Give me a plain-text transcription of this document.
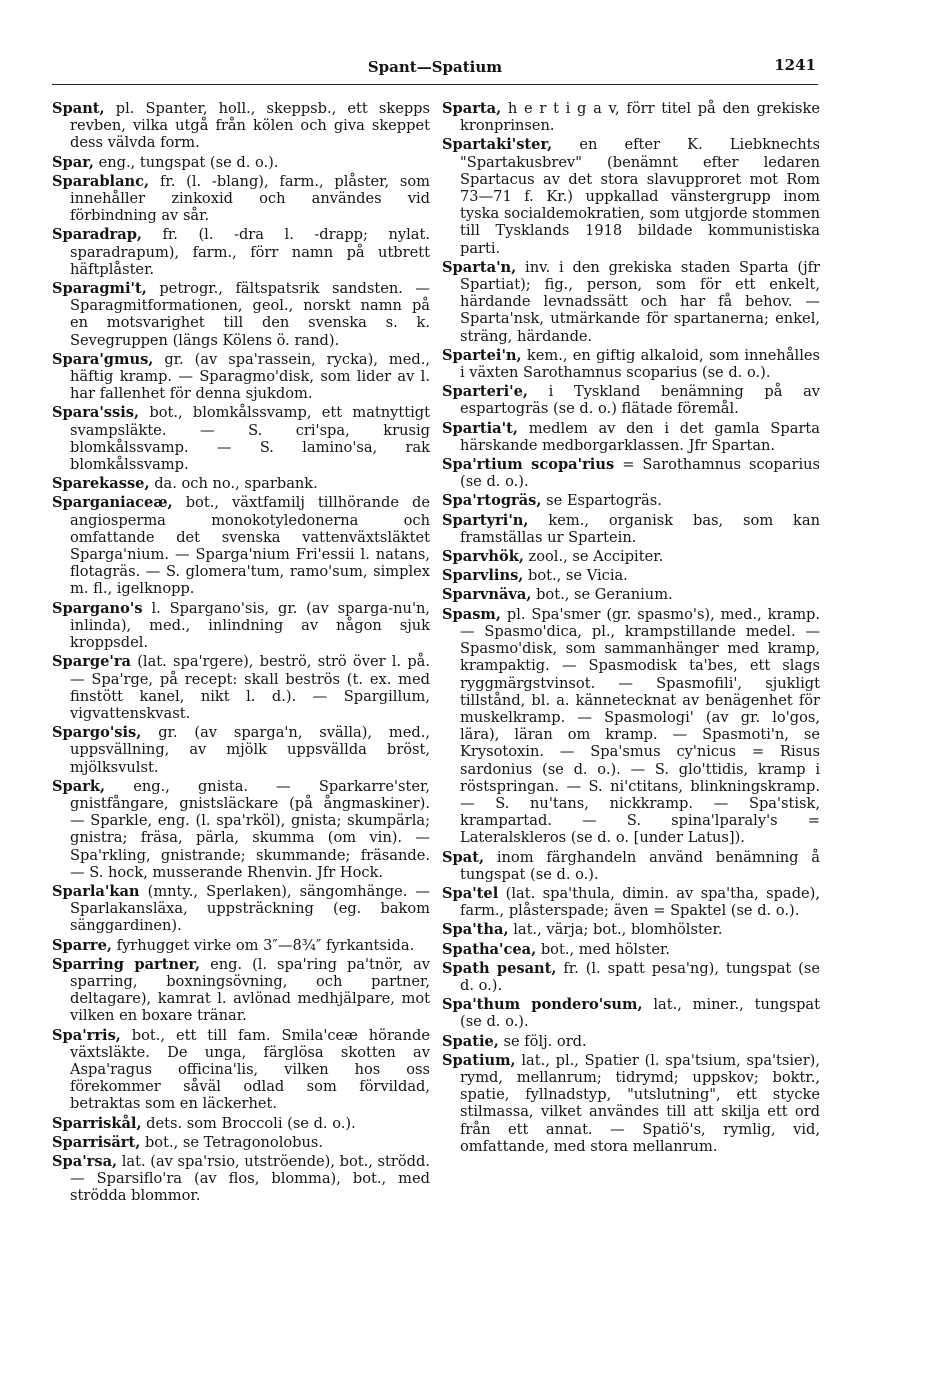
Spant—Spatium	1241

Spant, pl. Spanter, holl., skeppsb., ett skepps revben, vilka utgå från kölen och giva skeppet dess välvda form.

Spar, eng., tungspat (se d. o.).

Sparablanc, fr. (l. -blang), farm., plåster, som innehåller zinkoxid och användes vid förbindning av sår.

Sparadrap, fr. (l. -dra l. -drapp; nylat. sparadrapum), farm., förr namn på utbrett häftplåster.

Sparagmi't, petrogr., fältspatsrik sandsten. — Sparagmitformationen, geol., norskt namn på en motsvarighet till den svenska s. k. Sevegruppen (längs Kölens ö. rand).

Spara'gmus, gr. (av spa'rassein, rycka), med., häftig kramp. — Sparagmo'disk, som lider av l. har fallenhet för denna sjukdom.

Spara'ssis, bot., blomkålssvamp, ett matnyttigt svampsläkte. — S. cri'spa, krusig blomkålssvamp. — S. lamino'sa, rak blomkålssvamp.

Sparekasse, da. och no., sparbank.

Sparganiaceæ, bot., växtfamilj tillhörande de angiosperma monokotyledonerna och omfattande det svenska vattenväxtsläktet Sparga'nium. — Sparga'nium Fri'essii l. natans, flotagräs. — S. glomera'tum, ramo'sum, simplex m. fl., igelknopp.

Spargano's l. Spargano'sis, gr. (av sparga-nu'n, inlinda), med., inlindning av någon sjuk kroppsdel.

Sparge'ra (lat. spa'rgere), beströ, strö över l. på. — Spa'rge, på recept: skall beströs (t. ex. med finstött kanel, nikt l. d.). — Spargillum, vigvattenskvast.

Spargo'sis, gr. (av sparga'n, svälla), med., uppsvällning, av mjölk uppsvällda bröst, mjölksvulst.

Spark, eng., gnista. — Sparkarre'ster, gnistfångare, gnistsläckare (på ångmaskiner). — Sparkle, eng. (l. spa'rköl), gnista; skumpärla; gnistra; fräsa, pärla, skumma (om vin). — Spa'rkling, gnistrande; skummande; fräsande. — S. hock, musserande Rhenvin. Jfr Hock.

Sparla'kan (mnty., Sperlaken), sängomhänge. — Sparlakansläxa, uppsträckning (eg. bakom sänggardinen).

Sparre, fyrhugget virke om 3″—8¾″ fyrkantsida.

Sparring partner, eng. (l. spa'ring pa'tnör, av sparring, boxningsövning, och partner, deltagare), kamrat l. avlönad medhjälpare, mot vilken en boxare tränar.

Spa'rris, bot., ett till fam. Smila'ceæ hörande växtsläkte. De unga, färglösa skotten av Aspa'ragus officina'lis, vilken hos oss förekommer såväl odlad som förvildad, betraktas som en läckerhet.

Sparriskål, dets. som Broccoli (se d. o.).

Sparrisärt, bot., se Tetragonolobus.

Spa'rsa, lat. (av spa'rsio, utströende), bot., strödd. — Sparsiflo'ra (av flos, blomma), bot., med strödda blommor.

Sparta, h e r t i g a v, förr titel på den grekiske kronprinsen.

Spartaki'ster, en efter K. Liebknechts "Spartakusbrev" (benämnt efter ledaren Spartacus av det stora slavupproret mot Rom 73—71 f. Kr.) uppkallad vänstergrupp inom tyska socialdemokratien, som utgjorde stommen till Tysklands 1918 bildade kommunistiska parti.

Sparta'n, inv. i den grekiska staden Sparta (jfr Spartiat); fig., person, som för ett enkelt, härdande levnadssätt och har få behov. — Sparta'nsk, utmärkande för spartanerna; enkel, sträng, härdande.

Spartei'n, kem., en giftig alkaloid, som innehålles i växten Sarothamnus scoparius (se d. o.).

Sparteri'e, i Tyskland benämning på av espartogräs (se d. o.) flätade föremål.

Spartia't, medlem av den i det gamla Sparta härskande medborgarklassen. Jfr Spartan.

Spa'rtium scopa'rius = Sarothamnus scoparius (se d. o.).

Spa'rtogräs, se Espartogräs.

Spartyri'n, kem., organisk bas, som kan framställas ur Spartein.

Sparvhök, zool., se Accipiter.

Sparvlins, bot., se Vicia.

Sparvnäva, bot., se Geranium.

Spasm, pl. Spa'smer (gr. spasmo's), med., kramp. — Spasmo'dica, pl., krampstillande medel. — Spasmo'disk, som sammanhänger med kramp, krampaktig. — Spasmodisk ta'bes, ett slags ryggmärgstvinsot. — Spasmofili', sjukligt tillstånd, bl. a. kännetecknat av benägenhet för muskelkramp. — Spasmologi' (av gr. lo'gos, lära), läran om kramp. — Spasmoti'n, se Krysotoxin. — Spa'smus cy'nicus = Risus sardonius (se d. o.). — S. glo'ttidis, kramp i röstspringan. — S. ni'ctitans, blinkningskramp. — S. nu'tans, nickkramp. — Spa'stisk, krampartad. — S. spina'lparaly's = Lateralskleros (se d. o. [under Latus]).

Spat, inom färghandeln använd benämning å tungspat (se d. o.).

Spa'tel (lat. spa'thula, dimin. av spa'tha, spade), farm., plåsterspade; även = Spaktel (se d. o.).

Spa'tha, lat., värja; bot., blomhölster.

Spatha'cea, bot., med hölster.

Spath pesant, fr. (l. spatt pesa'ng), tungspat (se d. o.).

Spa'thum pondero'sum, lat., miner., tungspat (se d. o.).

Spatie, se följ. ord.

Spatium, lat., pl., Spatier (l. spa'tsium, spa'tsier), rymd, mellanrum; tidrymd; uppskov; boktr., spatie, fyllnadstyp, "utslutning", ett stycke stilmassa, vilket användes till att skilja ett ord från ett annat. — Spatiö's, rymlig, vid, omfattande, med stora mellanrum.
